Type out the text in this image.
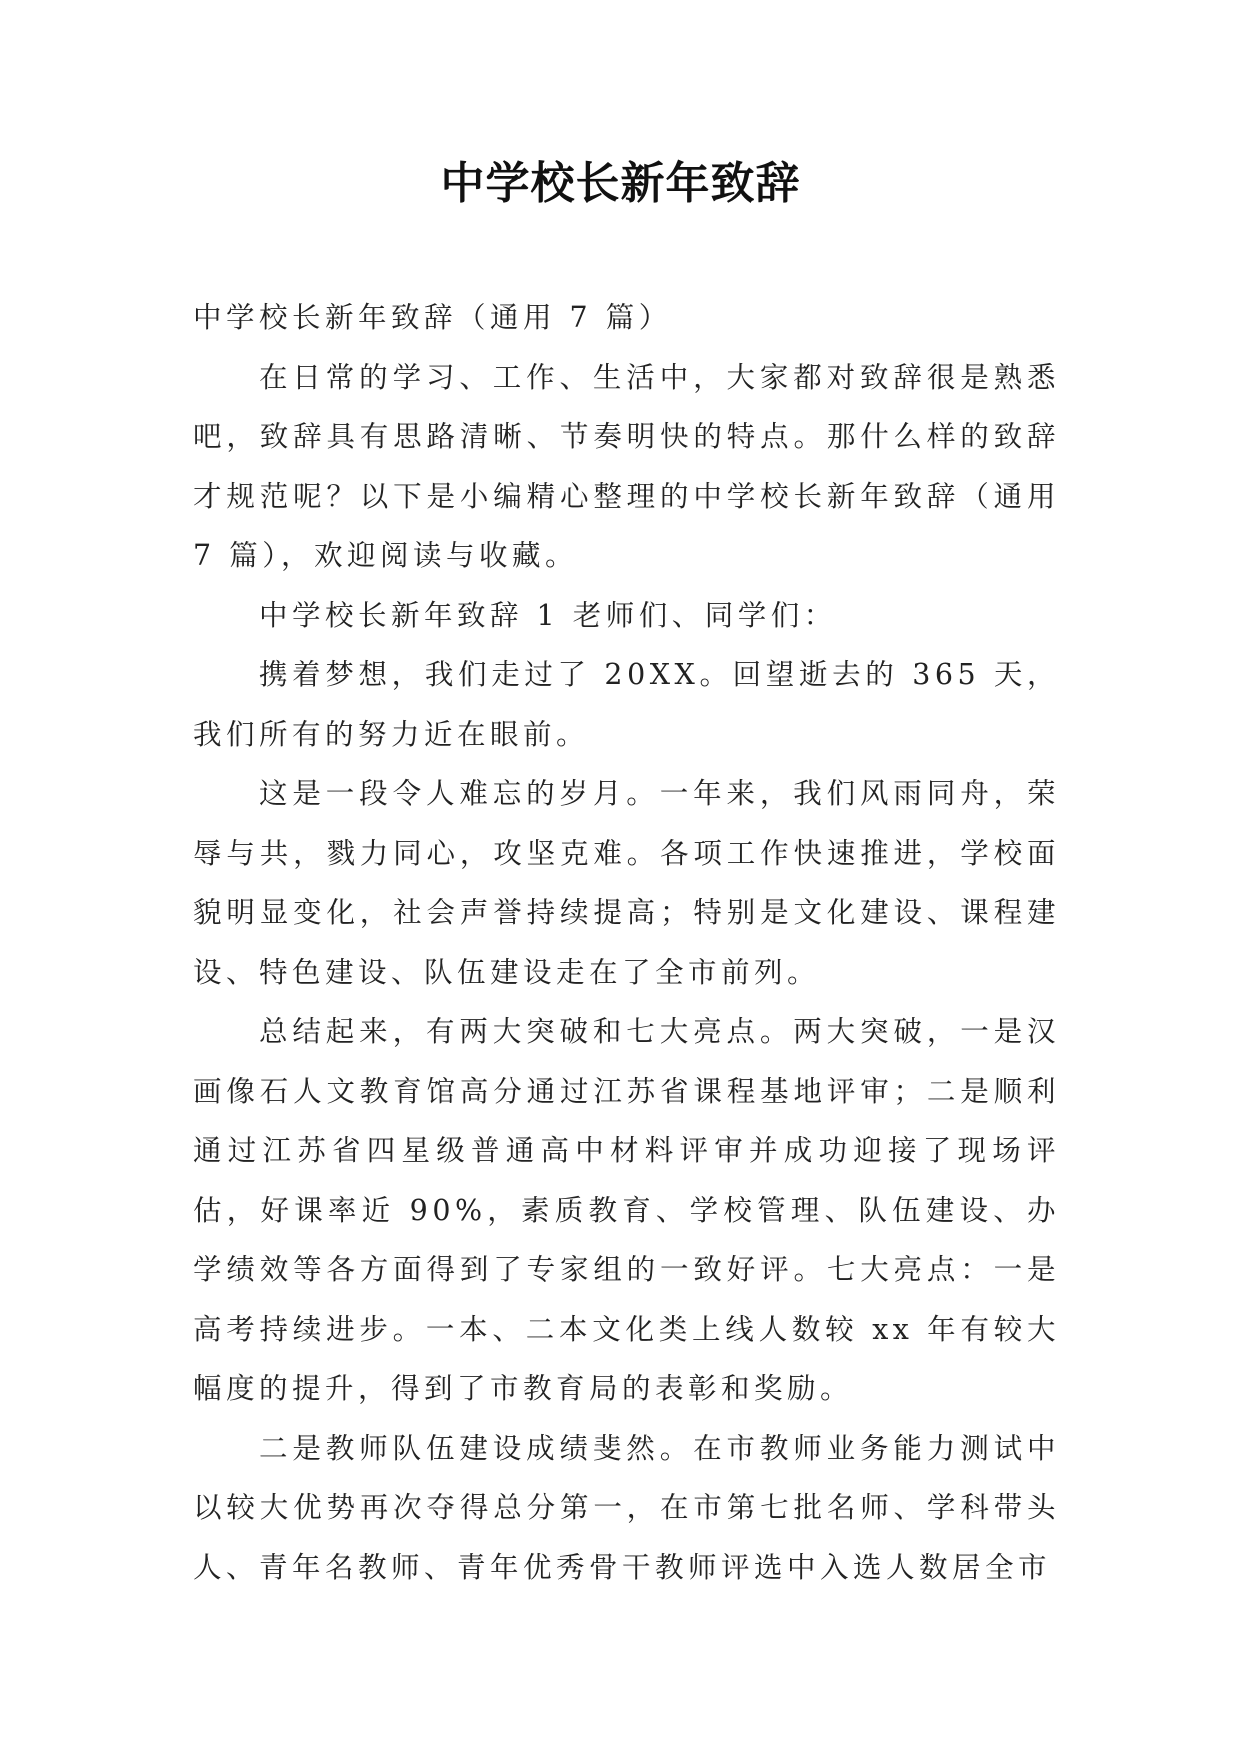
中学校长新年致辞

中学校长新年致辞（通用 7 篇）

在日常的学习、工作、生活中，大家都对致辞很是熟悉吧，致辞具有思路清晰、节奏明快的特点。那什么样的致辞才规范呢？以下是小编精心整理的中学校长新年致辞（通用 7 篇），欢迎阅读与收藏。

中学校长新年致辞 1 老师们、同学们：

携着梦想，我们走过了 20XX。回望逝去的 365 天，我们所有的努力近在眼前。

这是一段令人难忘的岁月。一年来，我们风雨同舟，荣辱与共，戮力同心，攻坚克难。各项工作快速推进，学校面貌明显变化，社会声誉持续提高；特别是文化建设、课程建设、特色建设、队伍建设走在了全市前列。

总结起来，有两大突破和七大亮点。两大突破，一是汉画像石人文教育馆高分通过江苏省课程基地评审；二是顺利通过江苏省四星级普通高中材料评审并成功迎接了现场评估，好课率近 90%，素质教育、学校管理、队伍建设、办学绩效等各方面得到了专家组的一致好评。七大亮点：一是高考持续进步。一本、二本文化类上线人数较 xx 年有较大幅度的提升，得到了市教育局的表彰和奖励。

二是教师队伍建设成绩斐然。在市教师业务能力测试中以较大优势再次夺得总分第一，在市第七批名师、学科带头人、青年名教师、青年优秀骨干教师评选中入选人数居全市
